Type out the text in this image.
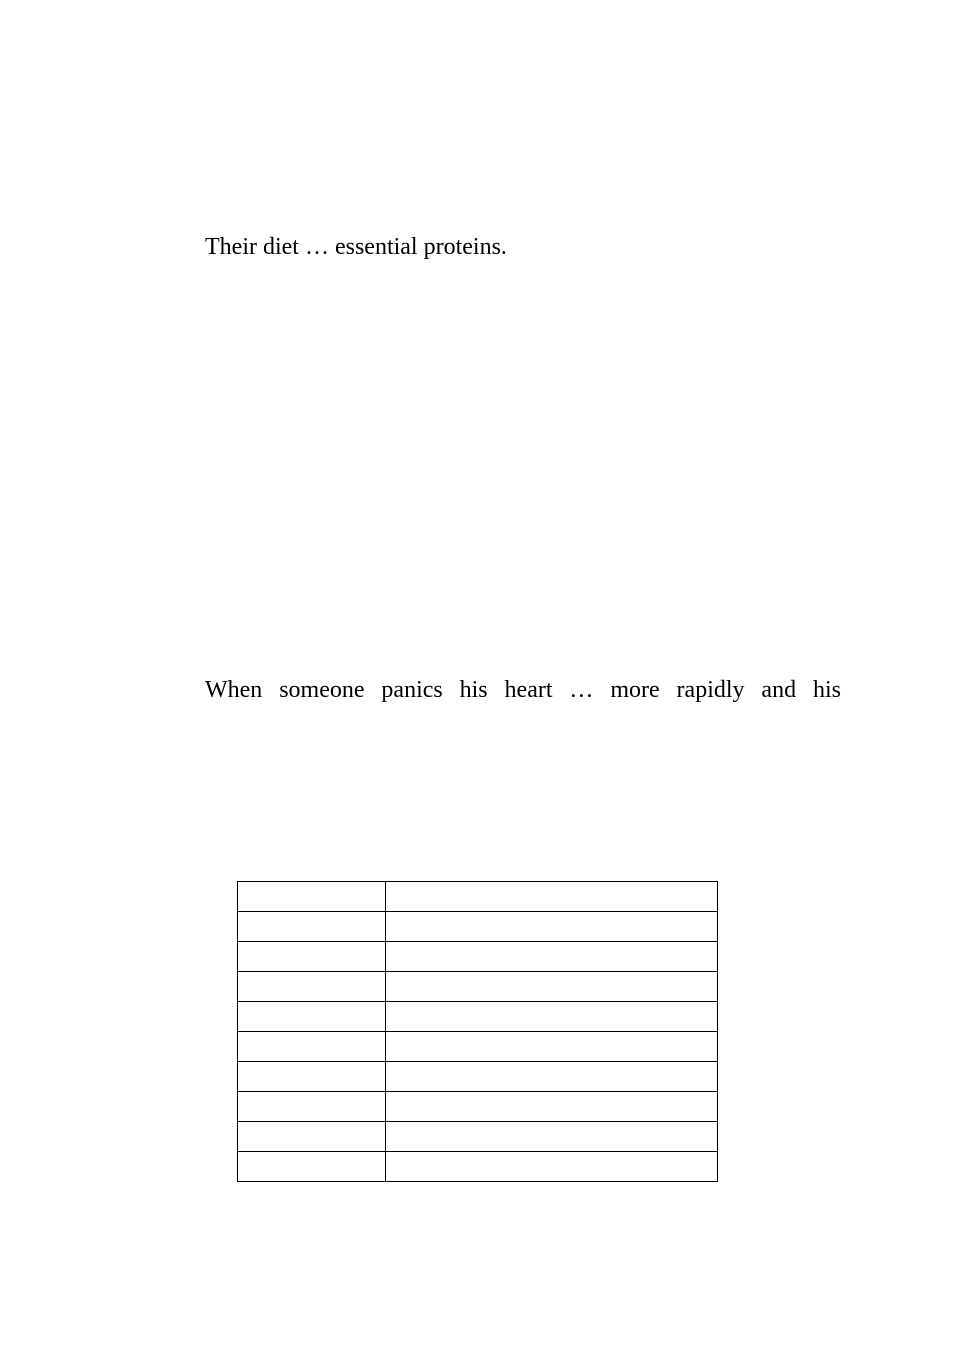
Their diet … essential proteins.
When someone panics his heart … more rapidly and his
